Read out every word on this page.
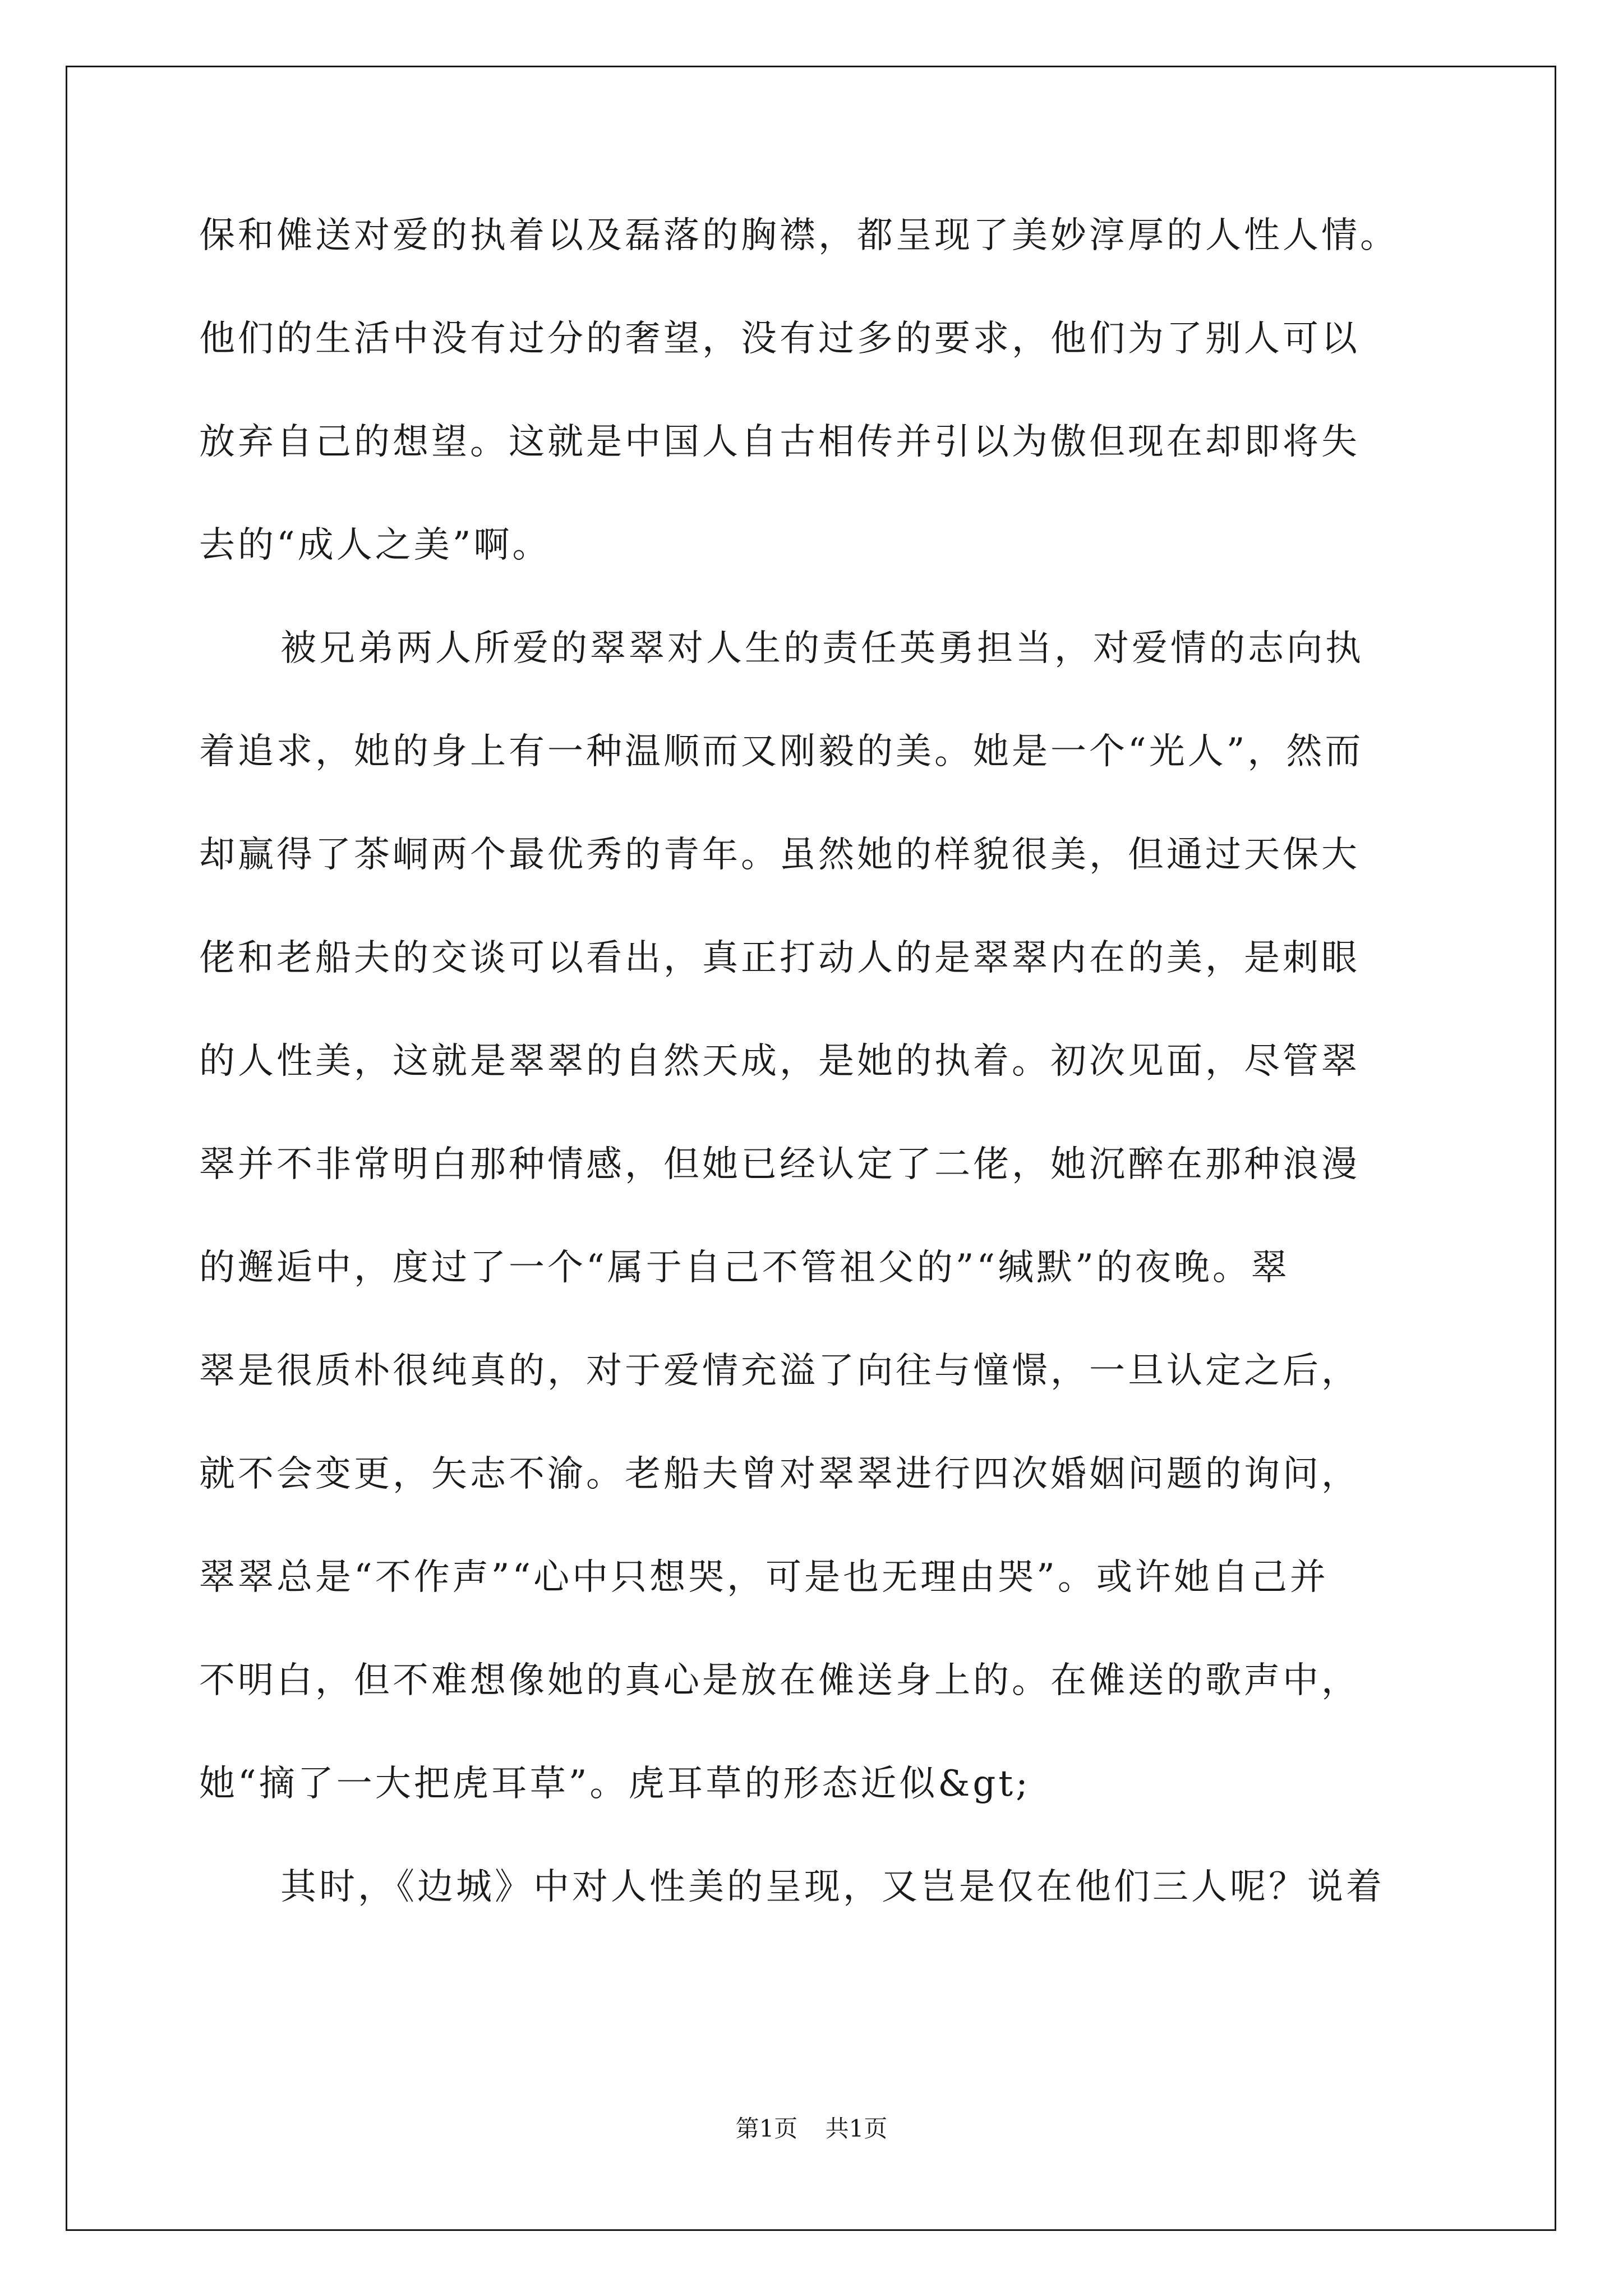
保和傩送对爱的执着以及磊落的胸襟，都呈现了美妙淳厚的人性人情。
他们的生活中没有过分的奢望，没有过多的要求，他们为了别人可以
放弃自己的想望。这就是中国人自古相传并引以为傲但现在却即将失
去的“成人之美”啊。
被兄弟两人所爱的翠翠对人生的责任英勇担当，对爱情的志向执
着追求，她的身上有一种温顺而又刚毅的美。她是一个“光人”，然而
却赢得了茶峒两个最优秀的青年。虽然她的样貌很美，但通过天保大
佬和老船夫的交谈可以看出，真正打动人的是翠翠内在的美，是刺眼
的人性美，这就是翠翠的自然天成，是她的执着。初次见面，尽管翠
翠并不非常明白那种情感，但她已经认定了二佬，她沉醉在那种浪漫
的邂逅中，度过了一个“属于自己不管祖父的”“缄默”的夜晚。翠
翠是很质朴很纯真的，对于爱情充溢了向往与憧憬，一旦认定之后，
就不会变更，矢志不渝。老船夫曾对翠翠进行四次婚姻问题的询问，
翠翠总是“不作声”“心中只想哭，可是也无理由哭”。或许她自己并
不明白，但不难想像她的真心是放在傩送身上的。在傩送的歌声中，
她“摘了一大把虎耳草”。虎耳草的形态近似&gt;
其时，《边城》中对人性美的呈现，又岂是仅在他们三人呢？说着
第1页 共1页
